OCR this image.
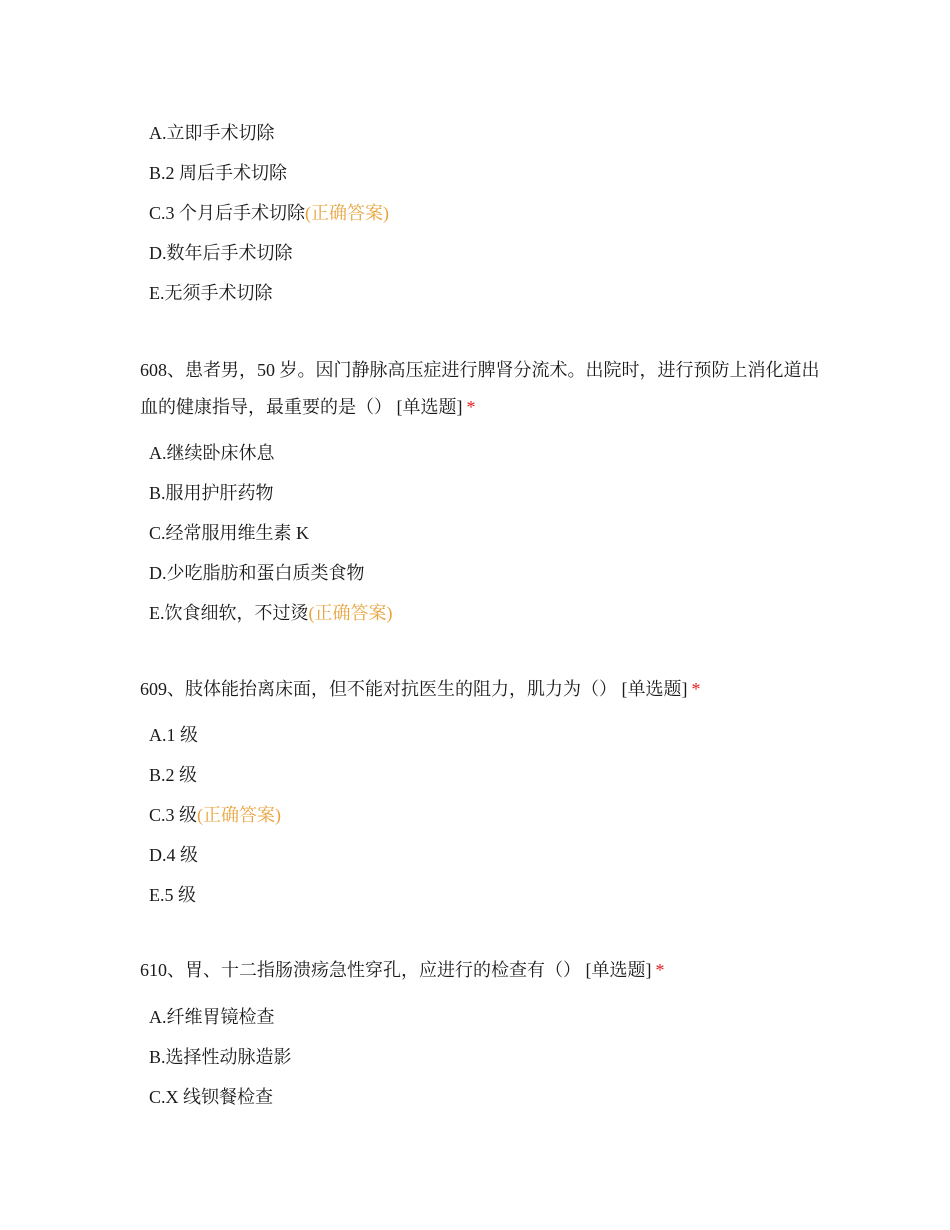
A.立即手术切除
B.2 周后手术切除
C.3 个月后手术切除(正确答案)
D.数年后手术切除
E.无须手术切除
608、患者男，50 岁。因门静脉高压症进行脾肾分流术。出院时，进行预防上消化道出血的健康指导，最重要的是（） [单选题] *
A.继续卧床休息
B.服用护肝药物
C.经常服用维生素 K
D.少吃脂肪和蛋白质类食物
E.饮食细软，不过烫(正确答案)
609、肢体能抬离床面，但不能对抗医生的阻力，肌力为（） [单选题] *
A.1 级
B.2 级
C.3 级(正确答案)
D.4 级
E.5 级
610、胃、十二指肠溃疡急性穿孔，应进行的检查有（） [单选题] *
A.纤维胃镜检查
B.选择性动脉造影
C.X 线钡餐检查
